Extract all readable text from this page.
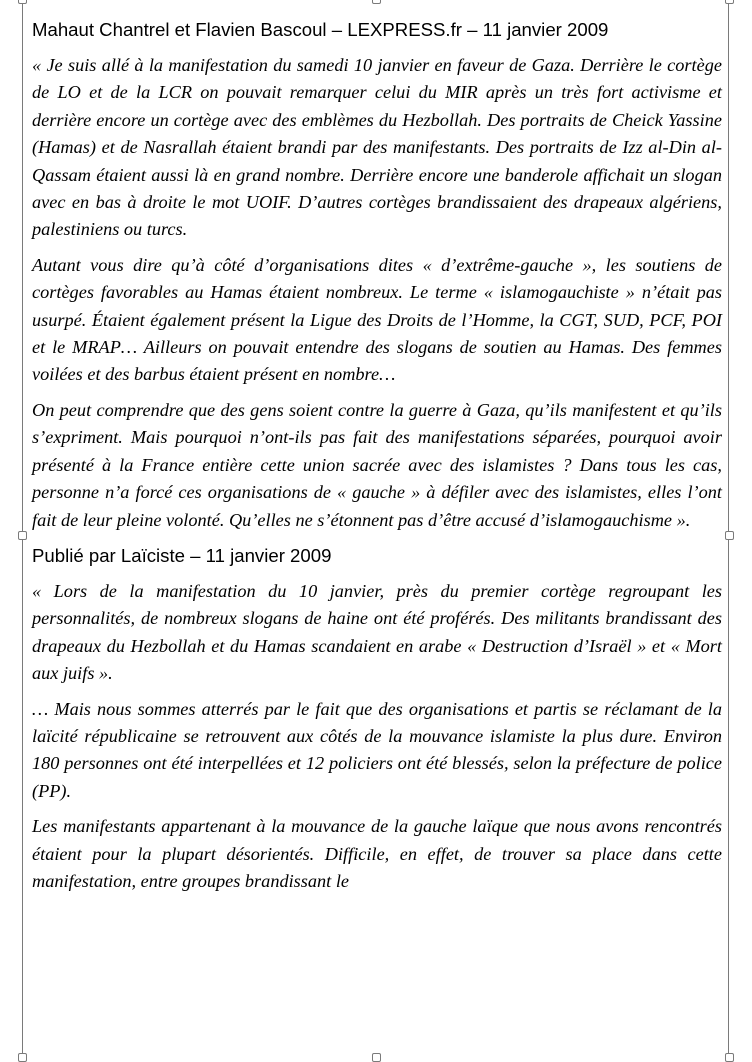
Mahaut Chantrel et Flavien Bascoul – LEXPRESS.fr – 11 janvier 2009

« Je suis allé à la manifestation du samedi 10 janvier en faveur de Gaza. Derrière le cortège de LO et de la LCR on pouvait remarquer celui du MIR après un très fort activisme et derrière encore un cortège avec des emblèmes du Hezbollah. Des portraits de Cheick Yassine (Hamas) et de Nasrallah étaient brandi par des manifestants. Des portraits de Izz al-Din al-Qassam étaient aussi là en grand nombre. Derrière encore une banderole affichait un slogan avec en bas à droite le mot UOIF. D’autres cortèges brandissaient des drapeaux algériens, palestiniens ou turcs.

Autant vous dire qu’à côté d’organisations dites « d’extrême-gauche », les soutiens de cortèges favorables au Hamas étaient nombreux. Le terme « islamogauchiste » n’était pas usurpé. Étaient également présent la Ligue des Droits de l’Homme, la CGT, SUD, PCF, POI et le MRAP… Ailleurs on pouvait entendre des slogans de soutien au Hamas. Des femmes voilées et des barbus étaient présent en nombre…

On peut comprendre que des gens soient contre la guerre à Gaza, qu’ils manifestent et qu’ils s’expriment. Mais pourquoi n’ont-ils pas fait des manifestations séparées, pourquoi avoir présenté à la France entière cette union sacrée avec des islamistes ? Dans tous les cas, personne n’a forcé ces organisations de « gauche » à défiler avec des islamistes, elles l’ont fait de leur pleine volonté. Qu’elles ne s’étonnent pas d’être accusé d’islamogauchisme ».

Publié par Laïciste – 11 janvier 2009

« Lors de la manifestation du 10 janvier, près du premier cortège regroupant les personnalités, de nombreux slogans de haine ont été proférés. Des militants brandissant des drapeaux du Hezbollah et du Hamas scandaient en arabe « Destruction d’Israël » et « Mort aux juifs ».

… Mais nous sommes atterrés par le fait que des organisations et partis se réclamant de la laïcité républicaine se retrouvent aux côtés de la mouvance islamiste la plus dure. Environ 180 personnes ont été interpellées et 12 policiers ont été blessés, selon la préfecture de police (PP).

Les manifestants appartenant à la mouvance de la gauche laïque que nous avons rencontrés étaient pour la plupart désorientés. Difficile, en effet, de trouver sa place dans cette manifestation, entre groupes brandissant le
